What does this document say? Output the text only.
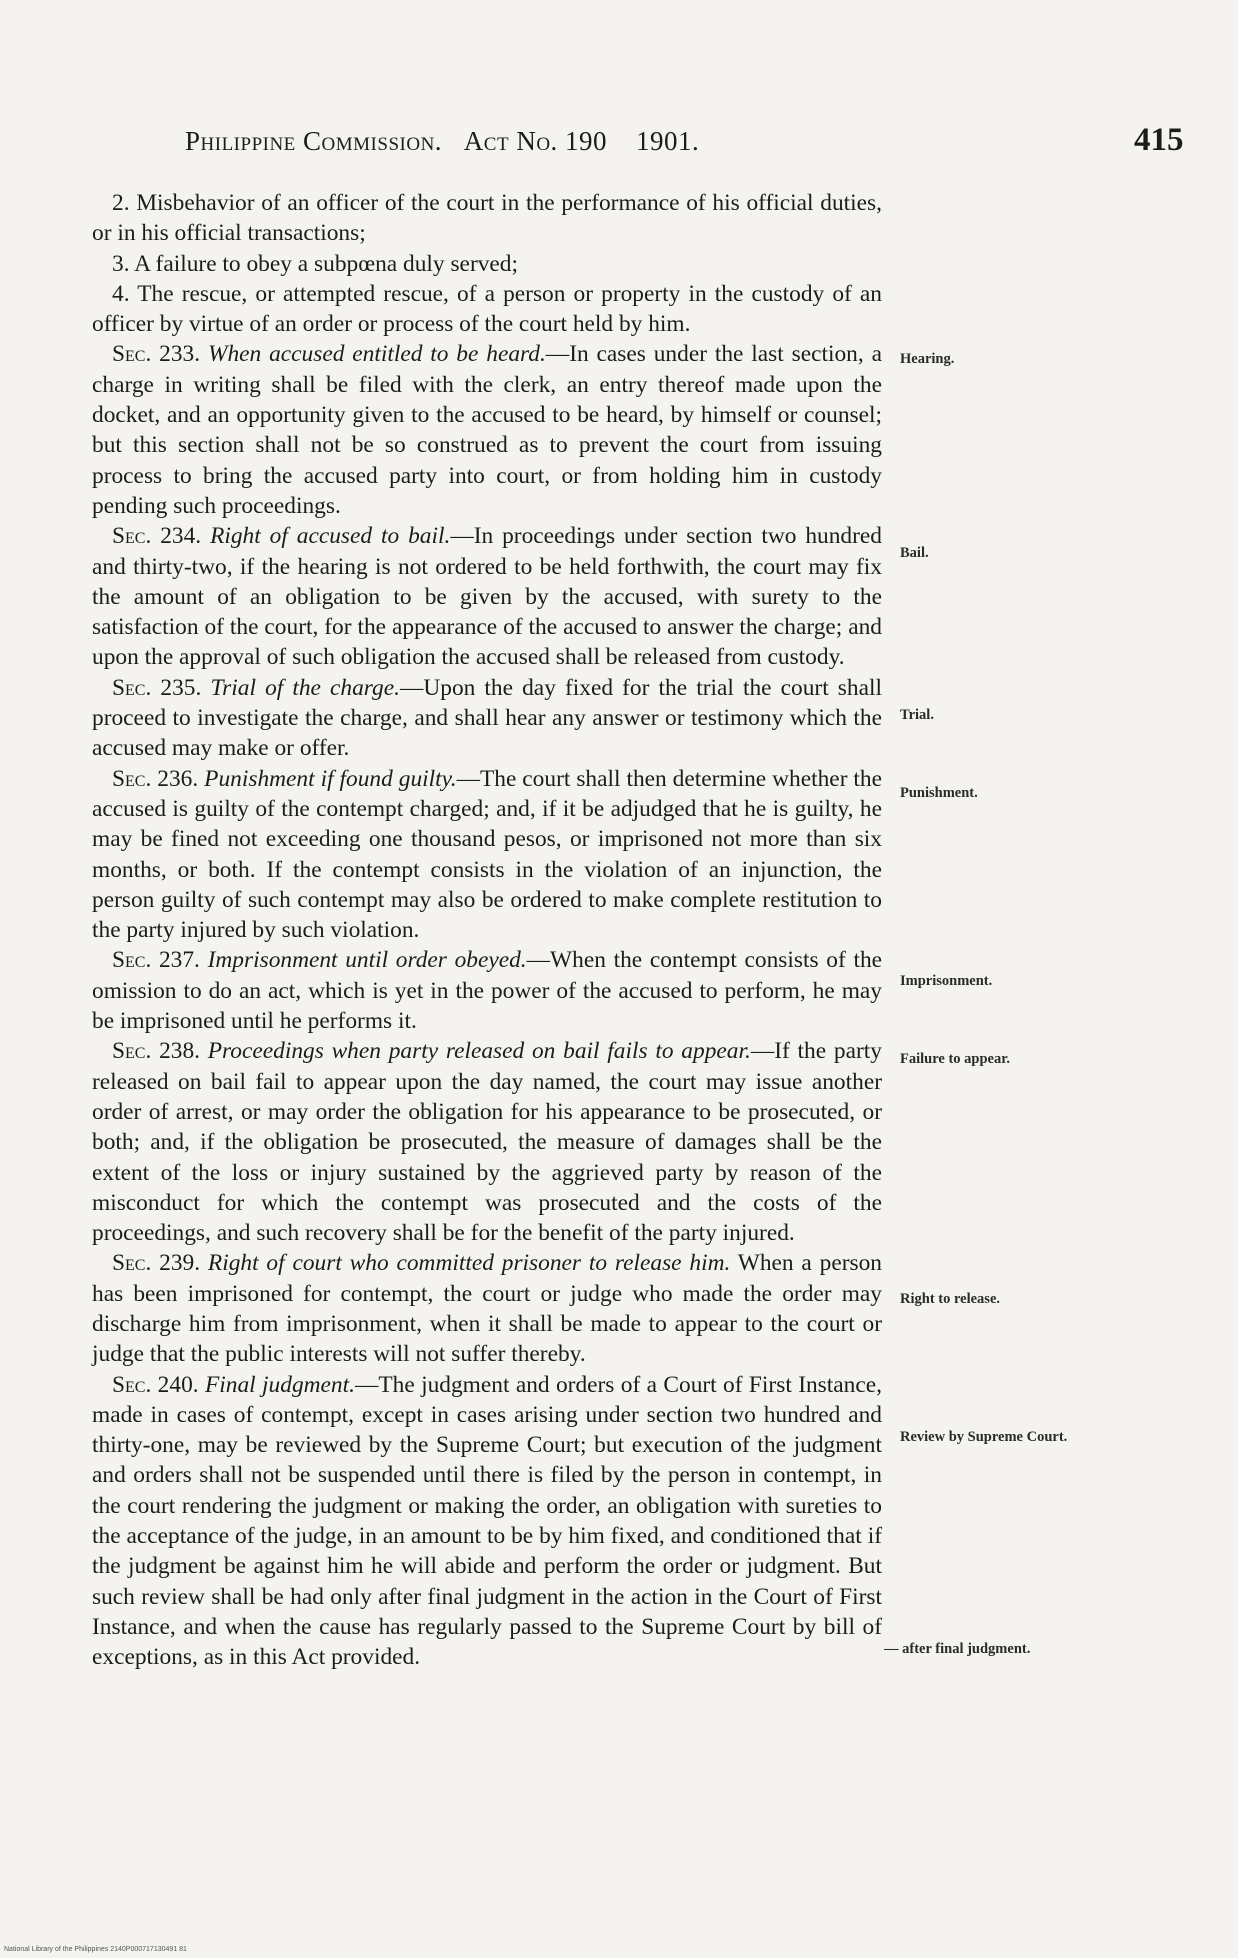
Philippine Commission. Act No. 190 1901.	415

2. Misbehavior of an officer of the court in the performance of his official duties, or in his official transactions;

3. A failure to obey a subpœna duly served;

4. The rescue, or attempted rescue, of a person or property in the custody of an officer by virtue of an order or process of the court held by him.

Sec. 233. When accused entitled to be heard.—In cases under the last section, a charge in writing shall be filed with the clerk, an entry thereof made upon the docket, and an opportunity given to the accused to be heard, by himself or counsel; but this section shall not be so construed as to prevent the court from issuing process to bring the accused party into court, or from holding him in custody pending such proceedings.

Sec. 234. Right of accused to bail.—In proceedings under section two hundred and thirty-two, if the hearing is not ordered to be held forthwith, the court may fix the amount of an obligation to be given by the accused, with surety to the satisfaction of the court, for the appearance of the accused to answer the charge; and upon the approval of such obligation the accused shall be released from custody.

Sec. 235. Trial of the charge.—Upon the day fixed for the trial the court shall proceed to investigate the charge, and shall hear any answer or testimony which the accused may make or offer.

Sec. 236. Punishment if found guilty.—The court shall then determine whether the accused is guilty of the contempt charged; and, if it be adjudged that he is guilty, he may be fined not exceeding one thousand pesos, or imprisoned not more than six months, or both. If the contempt consists in the violation of an injunction, the person guilty of such contempt may also be ordered to make complete restitution to the party injured by such violation.

Sec. 237. Imprisonment until order obeyed.—When the contempt consists of the omission to do an act, which is yet in the power of the accused to perform, he may be imprisoned until he performs it.

Sec. 238. Proceedings when party released on bail fails to appear.—If the party released on bail fail to appear upon the day named, the court may issue another order of arrest, or may order the obligation for his appearance to be prosecuted, or both; and, if the obligation be prosecuted, the measure of damages shall be the extent of the loss or injury sustained by the aggrieved party by reason of the misconduct for which the contempt was prosecuted and the costs of the proceedings, and such recovery shall be for the benefit of the party injured.

Sec. 239. Right of court who committed prisoner to release him. When a person has been imprisoned for contempt, the court or judge who made the order may discharge him from imprisonment, when it shall be made to appear to the court or judge that the public interests will not suffer thereby.

Sec. 240. Final judgment.—The judgment and orders of a Court of First Instance, made in cases of contempt, except in cases arising under section two hundred and thirty-one, may be reviewed by the Supreme Court; but execution of the judgment and orders shall not be suspended until there is filed by the person in contempt, in the court rendering the judgment or making the order, an obligation with sureties to the acceptance of the judge, in an amount to be by him fixed, and conditioned that if the judgment be against him he will abide and perform the order or judgment. But such review shall be had only after final judgment in the action in the Court of First Instance, and when the cause has regularly passed to the Supreme Court by bill of exceptions, as in this Act provided.

Hearing.
Bail.
Trial.
Punishment.
Imprisonment.
Failure to appear.
Right to release.
Review by Supreme Court.
— after final judgment.
National Library of the Philippines 2140P000717130491 81
